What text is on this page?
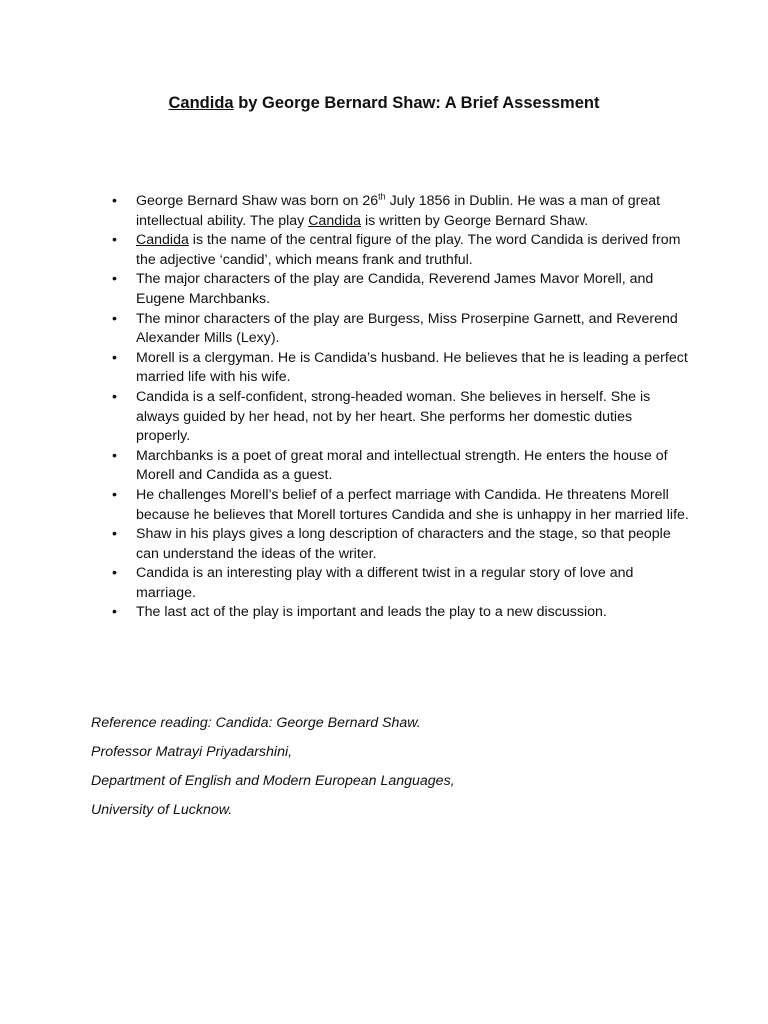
Candida by George Bernard Shaw: A Brief Assessment
• George Bernard Shaw was born on 26th July 1856 in Dublin. He was a man of great intellectual ability. The play Candida is written by George Bernard Shaw.
• Candida is the name of the central figure of the play. The word Candida is derived from the adjective ‘candid’, which means frank and truthful.
• The major characters of the play are Candida, Reverend James Mavor Morell, and Eugene Marchbanks.
• The minor characters of the play are Burgess, Miss Proserpine Garnett, and Reverend Alexander Mills (Lexy).
• Morell is a clergyman. He is Candida’s husband. He believes that he is leading a perfect married life with his wife.
• Candida is a self-confident, strong-headed woman. She believes in herself. She is always guided by her head, not by her heart. She performs her domestic duties properly.
• Marchbanks is a poet of great moral and intellectual strength. He enters the house of Morell and Candida as a guest.
• He challenges Morell’s belief of a perfect marriage with Candida. He threatens Morell because he believes that Morell tortures Candida and she is unhappy in her married life.
• Shaw in his plays gives a long description of characters and the stage, so that people can understand the ideas of the writer.
• Candida is an interesting play with a different twist in a regular story of love and marriage.
• The last act of the play is important and leads the play to a new discussion.

Reference reading: Candida: George Bernard Shaw.

Professor Matrayi Priyadarshini,

Department of English and Modern European Languages,

University of Lucknow.
